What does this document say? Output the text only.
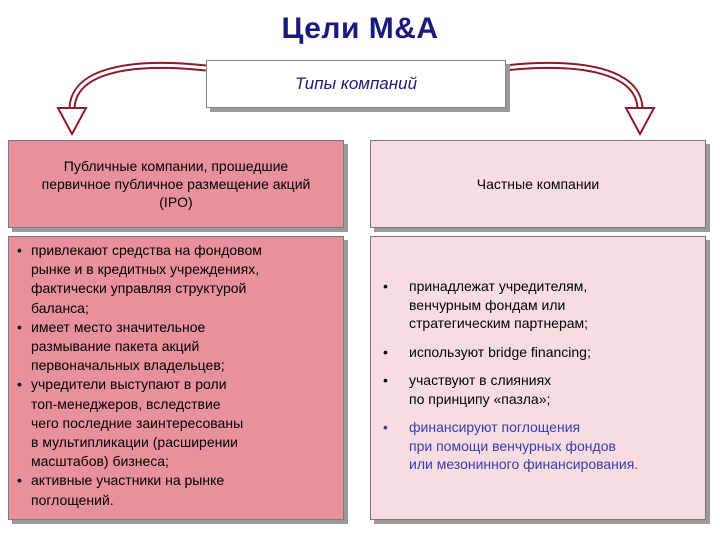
Цели M&A
Типы компаний
Публичные компании, прошедшие первичное публичное размещение акций (IPO)
Частные компании
• привлекают средства на фондовом
рынке и в кредитных учреждениях,
фактически управляя структурой
баланса;
• имеет место значительное
размывание пакета акций
первоначальных владельцев;
• учредители выступают в роли
топ-менеджеров, вследствие
чего последние заинтересованы
в мультипликации (расширении
масштабов) бизнеса;
• активные участники на рынке
поглощений.
• принадлежат учредителям,
венчурным фондам или
стратегическим партнерам;
• используют bridge financing;
• участвуют в слияниях
по принципу «пазла»;
• финансируют поглощения
при помощи венчурных фондов
или мезонинного финансирования.
